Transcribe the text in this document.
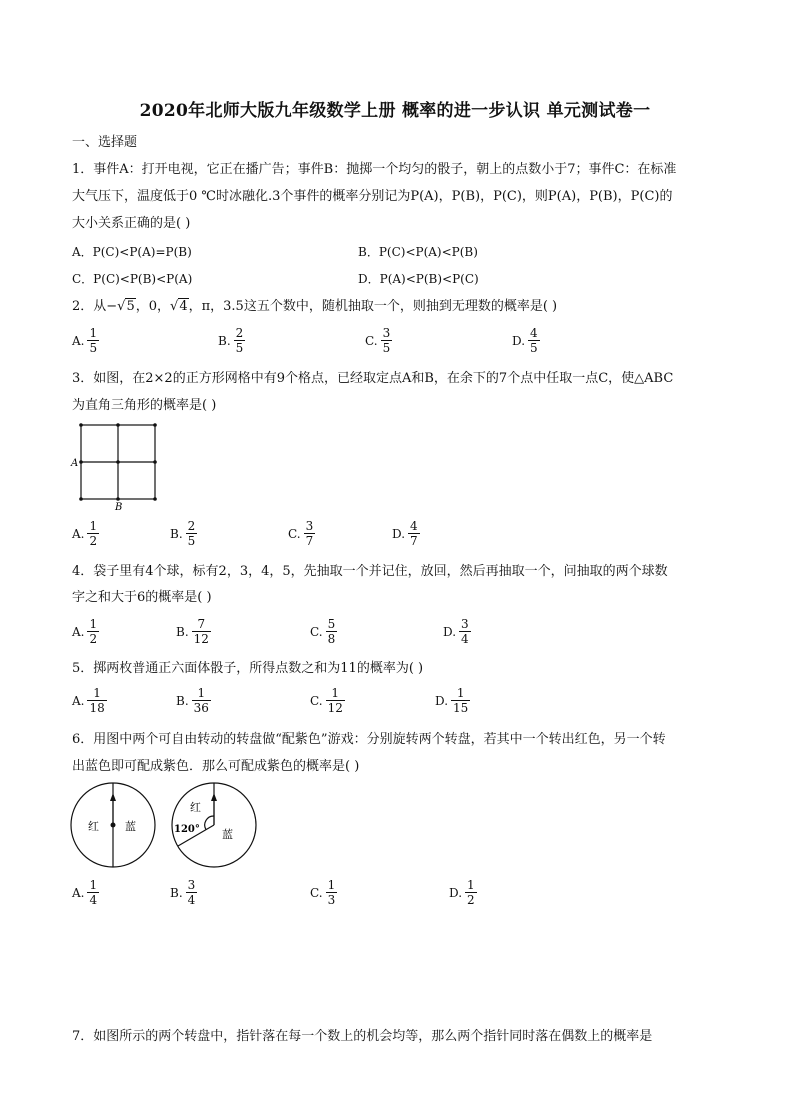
2020年北师大版九年级数学上册 概率的进一步认识 单元测试卷一
一、选择题
1．事件A：打开电视，它正在播广告；事件B：抛掷一个均匀的骰子，朝上的点数小于7；事件C：在标准
大气压下，温度低于0 ℃时冰融化.3个事件的概率分别记为P(A)，P(B)，P(C)，则P(A)，P(B)，P(C)的
大小关系正确的是( )
A．P(C)<P(A)=P(B)	B．P(C)<P(A)<P(B)
C．P(C)<P(B)<P(A)	D．P(A)<P(B)<P(C)
2．从−√5，0，√4，π，3.5这五个数中，随机抽取一个，则抽到无理数的概率是( )
A. $\frac{1}{5}$	B. $\frac{2}{5}$	C. $\frac{3}{5}$	D. $\frac{4}{5}$
3．如图，在2×2的正方形网格中有9个格点，已经取定点A和B，在余下的7个点中任取一点C，使△ABC
为直角三角形的概率是( )
A
B
A. $\frac{1}{2}$	B. $\frac{2}{5}$	C. $\frac{3}{7}$	D. $\frac{4}{7}$
4．袋子里有4个球，标有2，3，4，5，先抽取一个并记住，放回，然后再抽取一个，问抽取的两个球数
字之和大于6的概率是( )
A. $\frac{1}{2}$	B. $\frac{7}{12}$	C. $\frac{5}{8}$	D. $\frac{3}{4}$
5．掷两枚普通正六面体骰子，所得点数之和为11的概率为( )
A. $\frac{1}{18}$	B. $\frac{1}{36}$	C. $\frac{1}{12}$	D. $\frac{1}{15}$
6．用图中两个可自由转动的转盘做“配紫色”游戏：分别旋转两个转盘，若其中一个转出红色，另一个转
出蓝色即可配成紫色．那么可配成紫色的概率是( )
红 蓝
红
120° 蓝
A. $\frac{1}{4}$	B. $\frac{3}{4}$	C. $\frac{1}{3}$	D. $\frac{1}{2}$
7．如图所示的两个转盘中，指针落在每一个数上的机会均等，那么两个指针同时落在偶数上的概率是
